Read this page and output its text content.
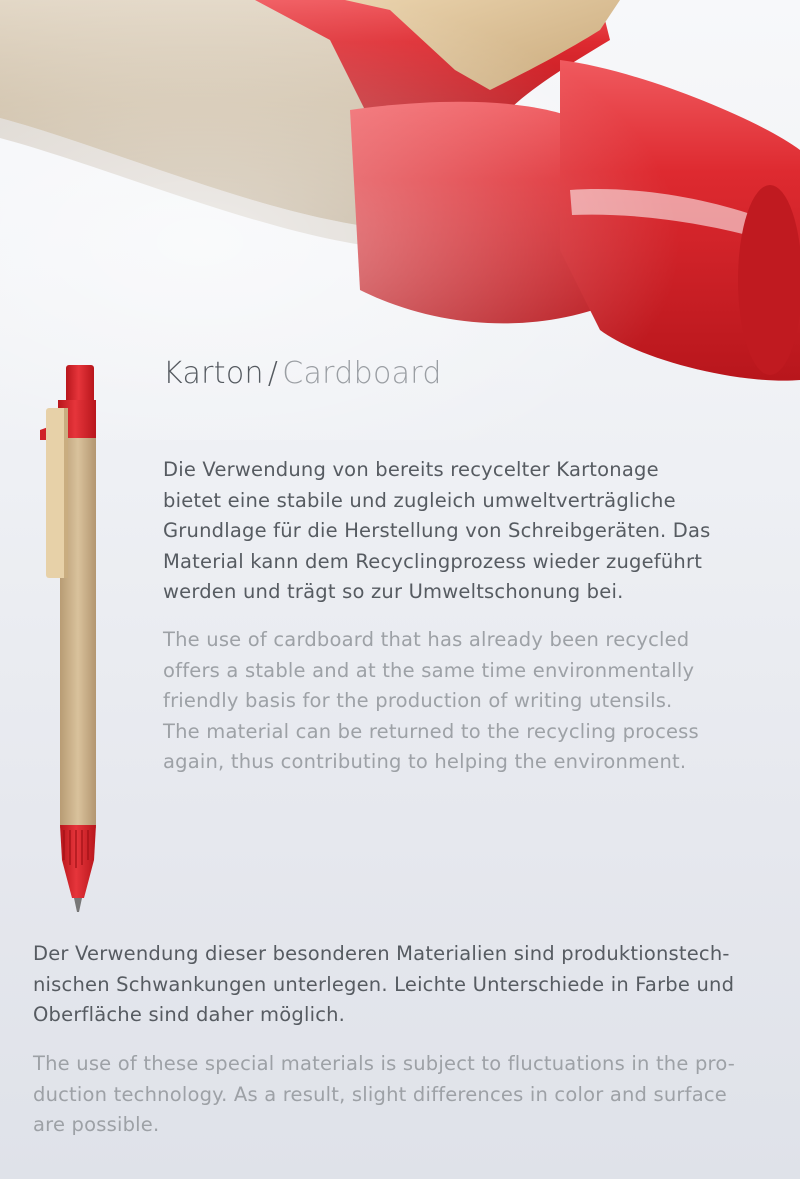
Karton / Cardboard
Die Verwendung von bereits recycelter Kartonage
bietet eine stabile und zugleich umweltverträgliche
Grundlage für die Herstellung von Schreibgeräten. Das
Material kann dem Recyclingprozess wieder zugeführt
werden und trägt so zur Umweltschonung bei.
The use of cardboard that has already been recycled
offers a stable and at the same time environmentally
friendly basis for the production of writing utensils.
The material can be returned to the recycling process
again, thus contributing to helping the environment.
Der Verwendung dieser besonderen Materialien sind produktionstech-
nischen Schwankungen unterlegen. Leichte Unterschiede in Farbe und
Oberfläche sind daher möglich.
The use of these special materials is subject to fluctuations in the pro-
duction technology. As a result, slight differences in color and surface
are possible.
